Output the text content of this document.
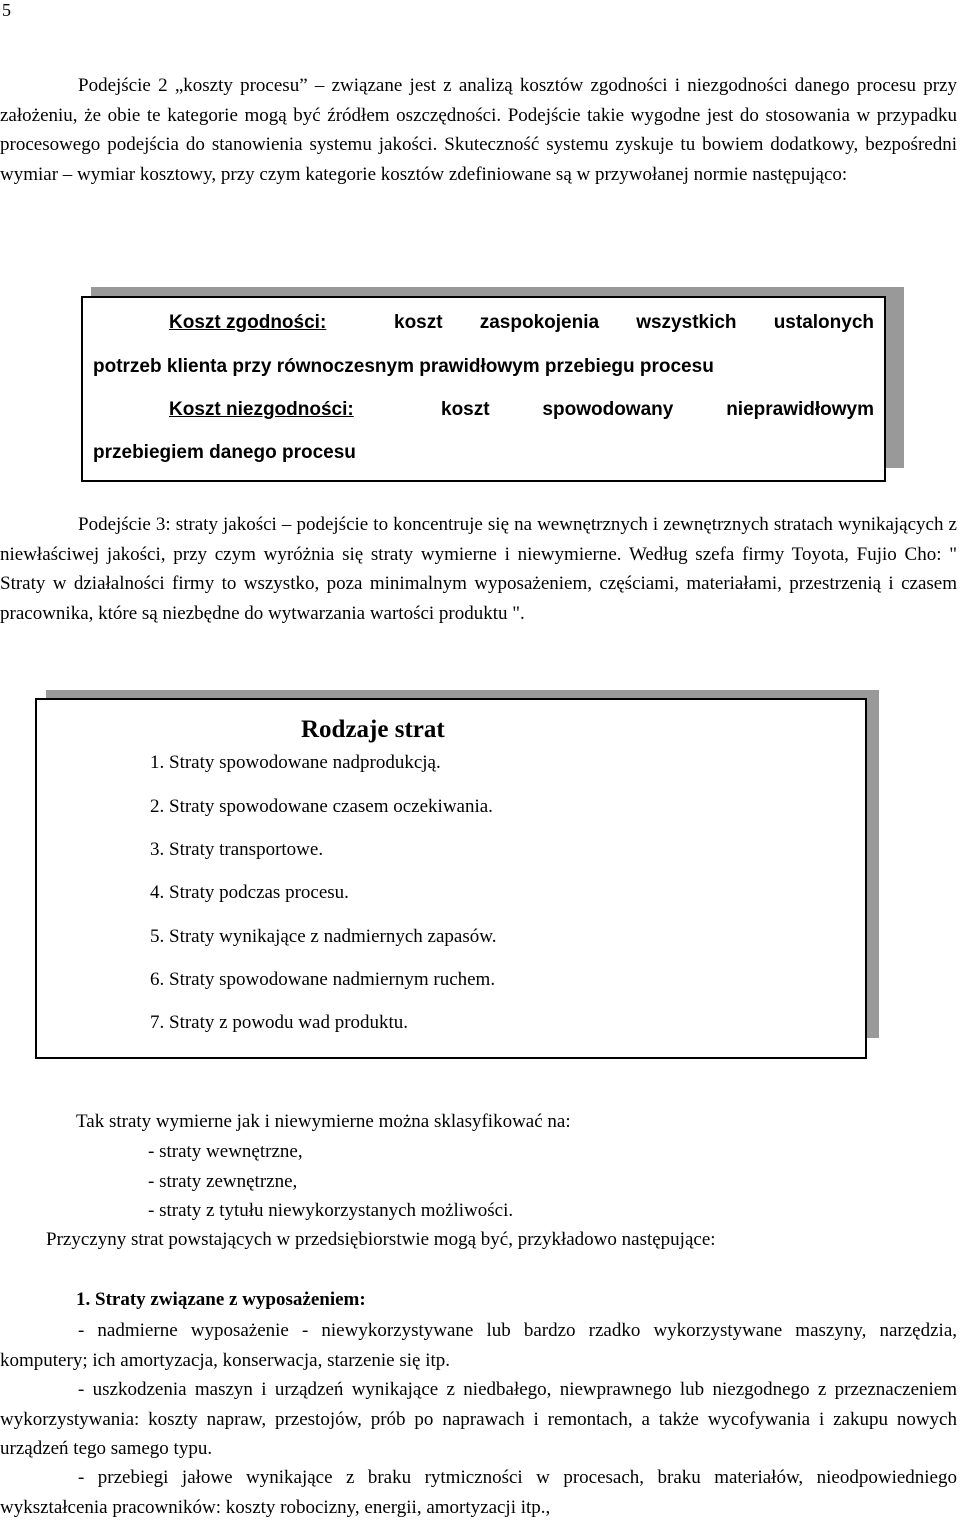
5

Podejście 2 „koszty procesu” – związane jest z analizą kosztów zgodności i niezgodności danego procesu przy założeniu, że obie te kategorie mogą być źródłem oszczędności. Podejście takie wygodne jest do stosowania w przypadku procesowego podejścia do stanowienia systemu jakości. Skuteczność systemu zyskuje tu bowiem dodatkowy, bezpośredni wymiar – wymiar kosztowy, przy czym kategorie kosztów zdefiniowane są w przywołanej normie następująco:

Koszt zgodności:	koszt zaspokojenia wszystkich ustalonych
potrzeb klienta przy równoczesnym prawidłowym przebiegu procesu
Koszt niezgodności:	koszt spowodowany nieprawidłowym
przebiegiem danego procesu

Podejście 3: straty jakości – podejście to koncentruje się na wewnętrznych i zewnętrznych stratach wynikających z niewłaściwej jakości, przy czym wyróżnia się straty wymierne i niewymierne. Według szefa firmy Toyota, Fujio Cho: " Straty w działalności firmy to wszystko, poza minimalnym wyposażeniem, częściami, materiałami, przestrzenią i czasem pracownika, które są niezbędne do wytwarzania wartości produktu ".

Rodzaje strat
1. Straty spowodowane nadprodukcją.
2. Straty spowodowane czasem oczekiwania.
3. Straty transportowe.
4. Straty podczas procesu.
5. Straty wynikające z nadmiernych zapasów.
6. Straty spowodowane nadmiernym ruchem.
7. Straty z powodu wad produktu.
Tak straty wymierne jak i niewymierne można sklasyfikować na:
- straty wewnętrzne,
- straty zewnętrzne,
- straty z tytułu niewykorzystanych możliwości.
Przyczyny strat powstających w przedsiębiorstwie mogą być, przykładowo następujące:
1. Straty związane z wyposażeniem:

- nadmierne wyposażenie - niewykorzystywane lub bardzo rzadko wykorzystywane maszyny, narzędzia, komputery; ich amortyzacja, konserwacja, starzenie się itp.

- uszkodzenia maszyn i urządzeń wynikające z niedbałego, niewprawnego lub niezgodnego z przeznaczeniem wykorzystywania: koszty napraw, przestojów, prób po naprawach i remontach, a także wycofywania i zakupu nowych urządzeń tego samego typu.

- przebiegi jałowe wynikające z braku rytmiczności w procesach, braku materiałów, nieodpowiedniego wykształcenia pracowników: koszty robocizny, energii, amortyzacji itp.,
